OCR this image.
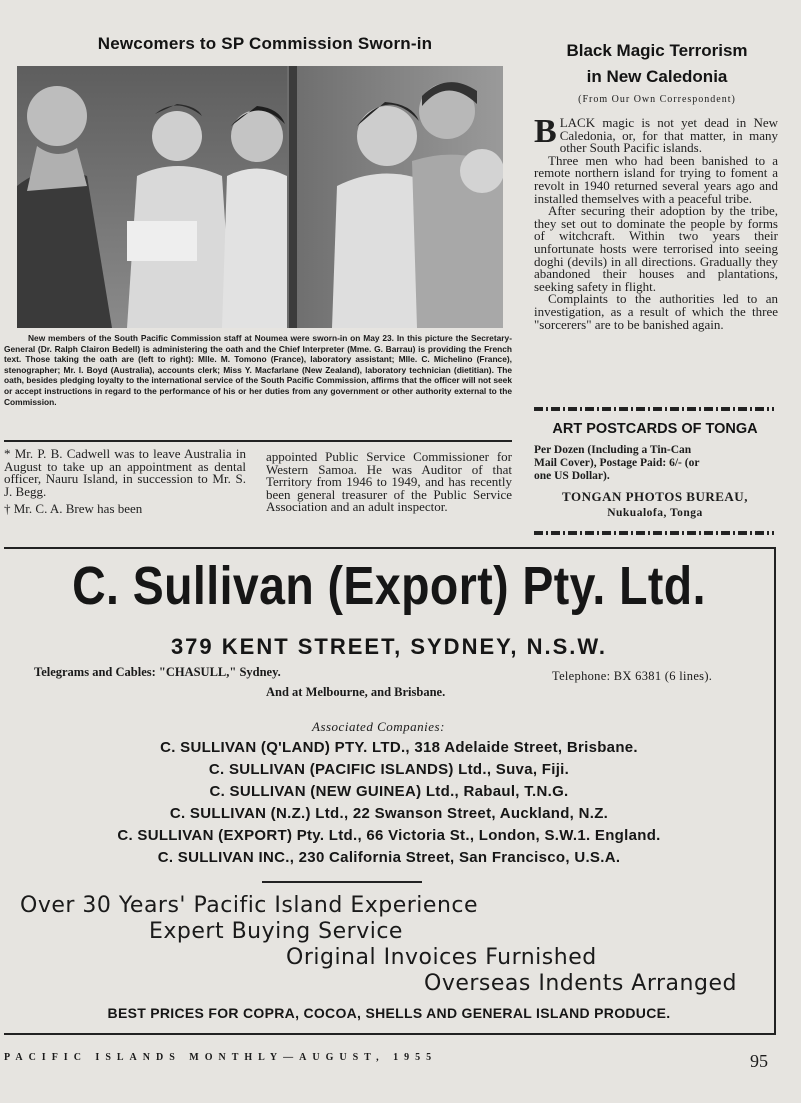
Newcomers to SP Commission Sworn-in
New members of the South Pacific Commission staff at Noumea were sworn-in on May 23. In this picture the Secretary-General (Dr. Ralph Clairon Bedell) is administering the oath and the Chief Interpreter (Mme. G. Barrau) is providing the French text. Those taking the oath are (left to right): Mlle. M. Tomono (France), laboratory assistant; Mlle. C. Michelino (France), stenographer; Mr. I. Boyd (Australia), accounts clerk; Miss Y. Macfarlane (New Zealand), laboratory technician (dietitian). The oath, besides pledging loyalty to the international service of the South Pacific Commission, affirms that the officer will not seek or accept instructions in regard to the performance of his or her duties from any government or other authority external to the Commission.

* Mr. P. B. Cadwell was to leave Australia in August to take up an appointment as dental officer, Nauru Island, in succession to Mr. S. J. Begg.

† Mr. C. A. Brew has been

appointed Public Service Commissioner for Western Samoa. He was Auditor of that Territory from 1946 to 1949, and has recently been general treasurer of the Public Service Association and an adult inspector.

Black Magic Terrorism
in New Caledonia
(From Our Own Correspondent)

BLACK magic is not yet dead in New Caledonia, or, for that matter, in many other South Pacific islands.

Three men who had been banished to a remote northern island for trying to foment a revolt in 1940 returned several years ago and installed themselves with a peaceful tribe.

After securing their adoption by the tribe, they set out to dominate the people by forms of witchcraft. Within two years their unfortunate hosts were terrorised into seeing doghi (devils) in all directions. Gradually they abandoned their houses and plantations, seeking safety in flight.

Complaints to the authorities led to an investigation, as a result of which the three "sorcerers" are to be banished again.

ART POSTCARDS OF TONGA
Per Dozen (Including a Tin-Can
Mail Cover), Postage Paid: 6/- (or
one US Dollar).
TONGAN PHOTOS BUREAU,
Nukualofa, Tonga
C. Sullivan (Export) Pty. Ltd.
379 KENT STREET, SYDNEY, N.S.W.
Telegrams and Cables: "CHASULL," Sydney.	Telephone: BX 6381 (6 lines).
And at Melbourne, and Brisbane.
Associated Companies:
C. SULLIVAN (Q'LAND) PTY. LTD., 318 Adelaide Street, Brisbane.
C. SULLIVAN (PACIFIC ISLANDS) Ltd., Suva, Fiji.
C. SULLIVAN (NEW GUINEA) Ltd., Rabaul, T.N.G.
C. SULLIVAN (N.Z.) Ltd., 22 Swanson Street, Auckland, N.Z.
C. SULLIVAN (EXPORT) Pty. Ltd., 66 Victoria St., London, S.W.1. England.
C. SULLIVAN INC., 230 California Street, San Francisco, U.S.A.
Over 30 Years' Pacific Island Experience
Expert Buying Service
Original Invoices Furnished
Overseas Indents Arranged
BEST PRICES FOR COPRA, COCOA, SHELLS AND GENERAL ISLAND PRODUCE.
PACIFIC ISLANDS MONTHLY—AUGUST, 1955	95
